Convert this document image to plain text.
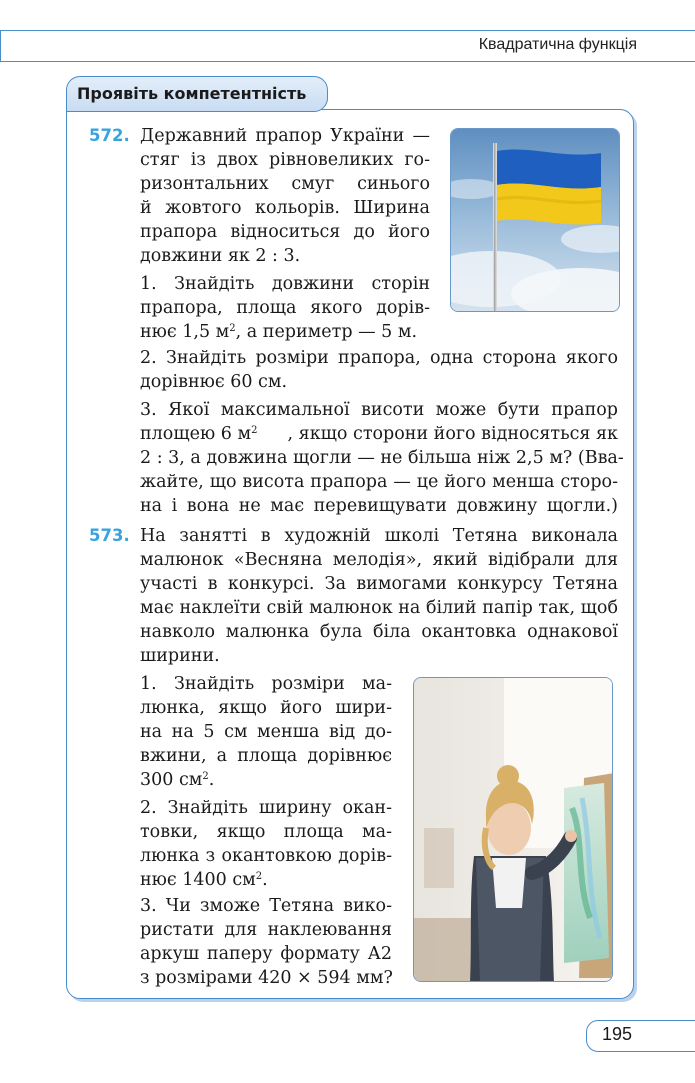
Квадратична функція
Проявіть компетентність
572. Державний прапор України —
стяг із двох рівновеликих го-
ризонтальних смуг синього
й жовтого кольорів. Ширина
прапора відноситься до його
довжини як 2 : 3.
1. Знайдіть довжини сторін
прапора, площа якого дорів-
нює 1,5 $м^2$, а периметр — 5 м.
2. Знайдіть розміри прапора, одна сторона якого
дорівнює 60 см.
3. Якої максимальної висоти може бути прапор
площею 6 $м^2$ , якщо сторони його відносяться як
2 : 3, а довжина щогли — не більша ніж 2,5 м? (Вва-
жайте, що висота прапора — це його менша сторо-
на і вона не має перевищувати довжину щогли.)
573. На занятті в художній школі Тетяна виконала
малюнок «Весняна мелодія», який відібрали для
участі в конкурсі. За вимогами конкурсу Тетяна
має наклеїти свій малюнок на білий папір так, щоб
навколо малюнка була біла окантовка однакової
ширини.
1. Знайдіть розміри ма-
люнка, якщо його шири-
на на 5 см менша від до-
вжини, а площа дорівнює
300 $см^2$.
2. Знайдіть ширину окан-
товки, якщо площа ма-
люнка з окантовкою дорів-
нює 1400 $см^2$.
3. Чи зможе Тетяна вико-
ристати для наклеювання
аркуш паперу формату А2
з розмірами 420 × 594 мм?
195
